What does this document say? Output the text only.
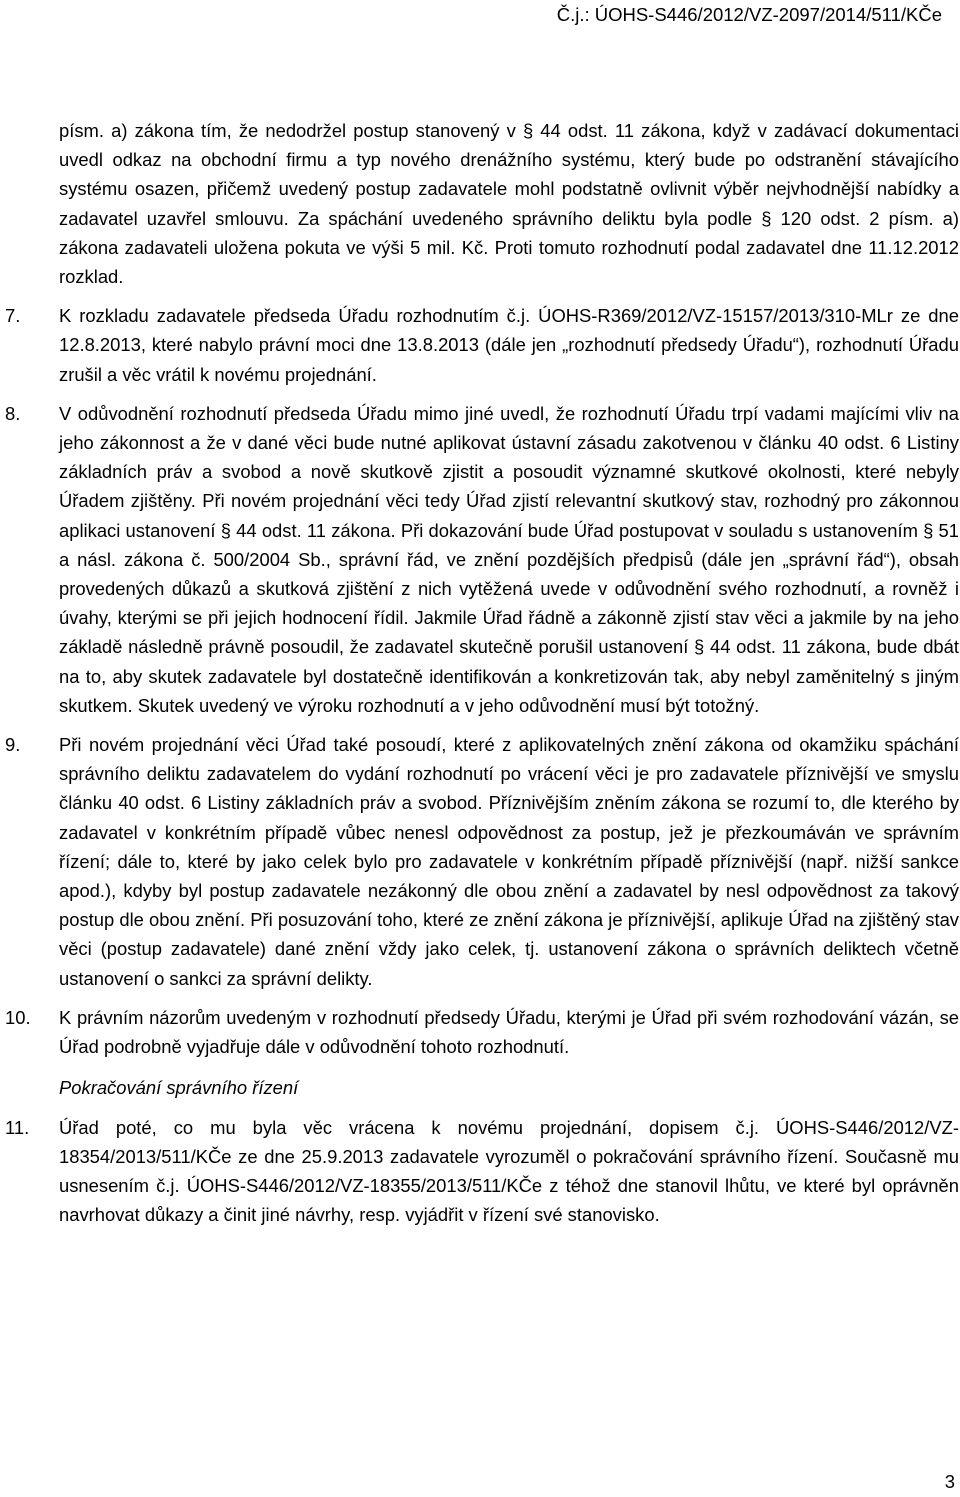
Č.j.: ÚOHS-S446/2012/VZ-2097/2014/511/KČe

písm. a) zákona tím, že nedodržel postup stanovený v § 44 odst. 11 zákona, když v zadávací dokumentaci uvedl odkaz na obchodní firmu a typ nového drenážního systému, který bude po odstranění stávajícího systému osazen, přičemž uvedený postup zadavatele mohl podstatně ovlivnit výběr nejvhodnější nabídky a zadavatel uzavřel smlouvu. Za spáchání uvedeného správního deliktu byla podle § 120 odst. 2 písm. a) zákona zadavateli uložena pokuta ve výši 5 mil. Kč. Proti tomuto rozhodnutí podal zadavatel dne 11.12.2012 rozklad.

7. K rozkladu zadavatele předseda Úřadu rozhodnutím č.j. ÚOHS-R369/2012/VZ-15157/2013/310-MLr ze dne 12.8.2013, které nabylo právní moci dne 13.8.2013 (dále jen „rozhodnutí předsedy Úřadu“), rozhodnutí Úřadu zrušil a věc vrátil k novému projednání.

8. V odůvodnění rozhodnutí předseda Úřadu mimo jiné uvedl, že rozhodnutí Úřadu trpí vadami majícími vliv na jeho zákonnost a že v dané věci bude nutné aplikovat ústavní zásadu zakotvenou v článku 40 odst. 6 Listiny základních práv a svobod a nově skutkově zjistit a posoudit významné skutkové okolnosti, které nebyly Úřadem zjištěny. Při novém projednání věci tedy Úřad zjistí relevantní skutkový stav, rozhodný pro zákonnou aplikaci ustanovení § 44 odst. 11 zákona. Při dokazování bude Úřad postupovat v souladu s ustanovením § 51 a násl. zákona č. 500/2004 Sb., správní řád, ve znění pozdějších předpisů (dále jen „správní řád“), obsah provedených důkazů a skutková zjištění z nich vytěžená uvede v odůvodnění svého rozhodnutí, a rovněž i úvahy, kterými se při jejich hodnocení řídil. Jakmile Úřad řádně a zákonně zjistí stav věci a jakmile by na jeho základě následně právně posoudil, že zadavatel skutečně porušil ustanovení § 44 odst. 11 zákona, bude dbát na to, aby skutek zadavatele byl dostatečně identifikován a konkretizován tak, aby nebyl zaměnitelný s jiným skutkem. Skutek uvedený ve výroku rozhodnutí a v jeho odůvodnění musí být totožný.

9. Při novém projednání věci Úřad také posoudí, které z aplikovatelných znění zákona od okamžiku spáchání správního deliktu zadavatelem do vydání rozhodnutí po vrácení věci je pro zadavatele příznivější ve smyslu článku 40 odst. 6 Listiny základních práv a svobod. Příznivějším zněním zákona se rozumí to, dle kterého by zadavatel v konkrétním případě vůbec nenesl odpovědnost za postup, jež je přezkoumáván ve správním řízení; dále to, které by jako celek bylo pro zadavatele v konkrétním případě příznivější (např. nižší sankce apod.), kdyby byl postup zadavatele nezákonný dle obou znění a zadavatel by nesl odpovědnost za takový postup dle obou znění. Při posuzování toho, které ze znění zákona je příznivější, aplikuje Úřad na zjištěný stav věci (postup zadavatele) dané znění vždy jako celek, tj. ustanovení zákona o správních deliktech včetně ustanovení o sankci za správní delikty.

10. K právním názorům uvedeným v rozhodnutí předsedy Úřadu, kterými je Úřad při svém rozhodování vázán, se Úřad podrobně vyjadřuje dále v odůvodnění tohoto rozhodnutí.

Pokračování správního řízení

11. Úřad poté, co mu byla věc vrácena k novému projednání, dopisem č.j. ÚOHS-S446/2012/VZ-18354/2013/511/KČe ze dne 25.9.2013 zadavatele vyrozuměl o pokračování správního řízení. Současně mu usnesením č.j. ÚOHS-S446/2012/VZ-18355/2013/511/KČe z téhož dne stanovil lhůtu, ve které byl oprávněn navrhovat důkazy a činit jiné návrhy, resp. vyjádřit v řízení své stanovisko.

3
